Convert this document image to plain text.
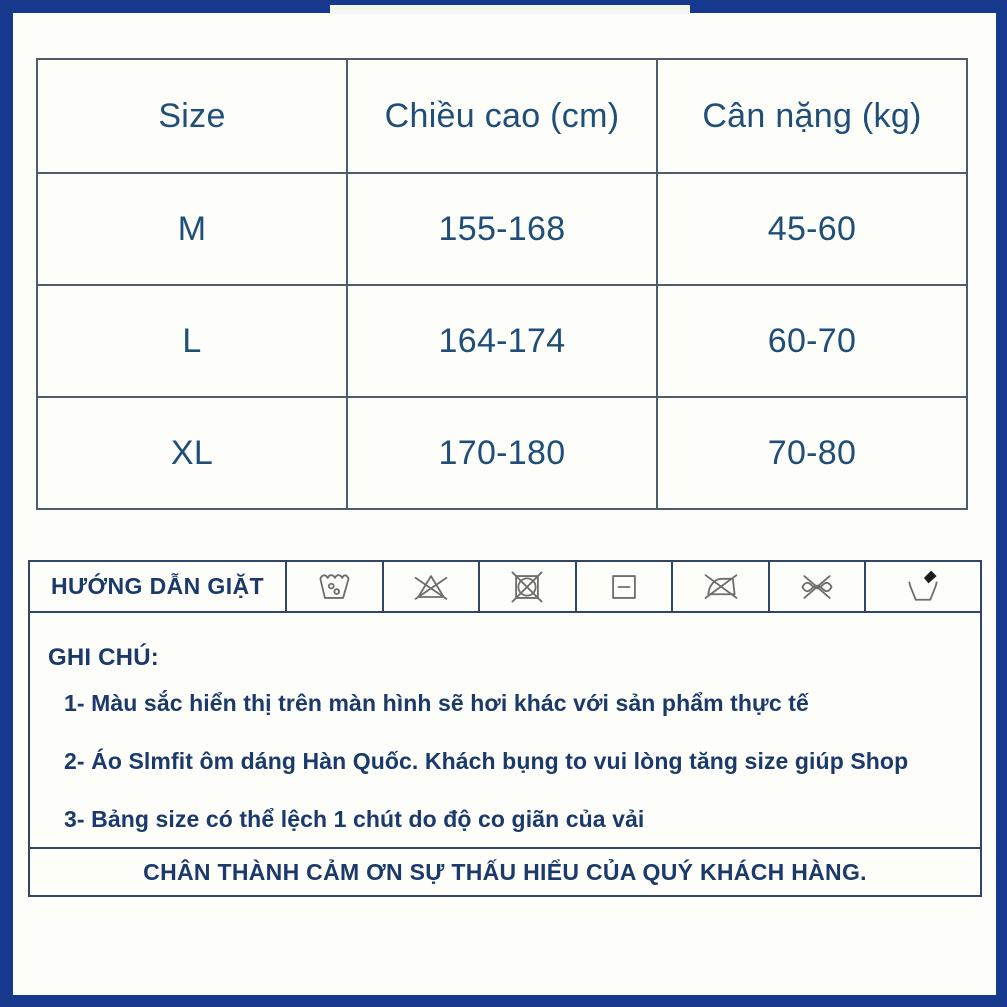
Size	Chiều cao (cm)	Cân nặng (kg)
M	155-168	45-60
L	164-174	60-70
XL	170-180	70-80
HƯỚNG DẪN GIẶT
GHI CHÚ:
1- Màu sắc hiển thị trên màn hình sẽ hơi khác với sản phẩm thực tế
2- Áo Slmfit ôm dáng Hàn Quốc. Khách bụng to vui lòng tăng size giúp Shop
3- Bảng size có thể lệch 1 chút do độ co giãn của vải
CHÂN THÀNH CẢM ƠN SỰ THẤU HIỂU CỦA QUÝ KHÁCH HÀNG.
